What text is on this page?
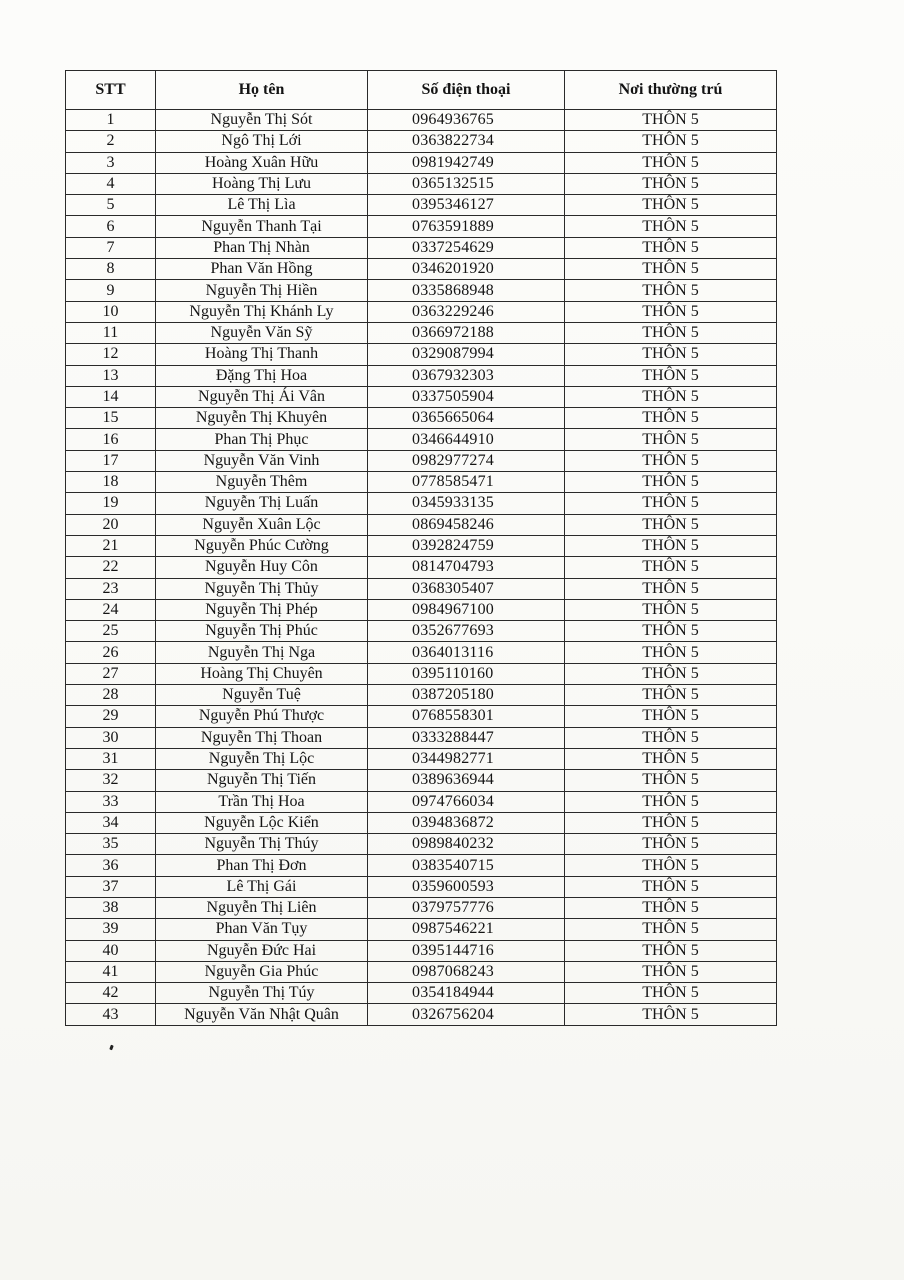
STT	Họ tên	Số điện thoại	Nơi thường trú
1	Nguyễn Thị Sót	0964936765	THÔN 5
2	Ngô Thị Lới	0363822734	THÔN 5
3	Hoàng Xuân Hữu	0981942749	THÔN 5
4	Hoàng Thị Lưu	0365132515	THÔN 5
5	Lê Thị Lìa	0395346127	THÔN 5
6	Nguyễn Thanh Tại	0763591889	THÔN 5
7	Phan Thị Nhàn	0337254629	THÔN 5
8	Phan Văn Hồng	0346201920	THÔN 5
9	Nguyễn Thị Hiền	0335868948	THÔN 5
10	Nguyễn Thị Khánh Ly	0363229246	THÔN 5
11	Nguyễn Văn Sỹ	0366972188	THÔN 5
12	Hoàng Thị Thanh	0329087994	THÔN 5
13	Đặng Thị Hoa	0367932303	THÔN 5
14	Nguyễn Thị Ái Vân	0337505904	THÔN 5
15	Nguyễn Thị Khuyên	0365665064	THÔN 5
16	Phan Thị Phục	0346644910	THÔN 5
17	Nguyễn Văn Vinh	0982977274	THÔN 5
18	Nguyễn Thêm	0778585471	THÔN 5
19	Nguyễn Thị Luấn	0345933135	THÔN 5
20	Nguyễn Xuân Lộc	0869458246	THÔN 5
21	Nguyễn Phúc Cường	0392824759	THÔN 5
22	Nguyễn Huy Côn	0814704793	THÔN 5
23	Nguyễn Thị Thủy	0368305407	THÔN 5
24	Nguyễn Thị Phép	0984967100	THÔN 5
25	Nguyễn Thị Phúc	0352677693	THÔN 5
26	Nguyễn Thị Nga	0364013116	THÔN 5
27	Hoàng Thị Chuyên	0395110160	THÔN 5
28	Nguyễn Tuệ	0387205180	THÔN 5
29	Nguyễn Phú Thược	0768558301	THÔN 5
30	Nguyễn Thị Thoan	0333288447	THÔN 5
31	Nguyễn Thị Lộc	0344982771	THÔN 5
32	Nguyễn Thị Tiến	0389636944	THÔN 5
33	Trần Thị Hoa	0974766034	THÔN 5
34	Nguyễn Lộc Kiển	0394836872	THÔN 5
35	Nguyễn Thị Thúy	0989840232	THÔN 5
36	Phan Thị Đơn	0383540715	THÔN 5
37	Lê Thị Gái	0359600593	THÔN 5
38	Nguyễn Thị Liên	0379757776	THÔN 5
39	Phan Văn Tụy	0987546221	THÔN 5
40	Nguyễn Đức Hai	0395144716	THÔN 5
41	Nguyễn Gia Phúc	0987068243	THÔN 5
42	Nguyễn Thị Túy	0354184944	THÔN 5
43	Nguyễn Văn Nhật Quân	0326756204	THÔN 5
